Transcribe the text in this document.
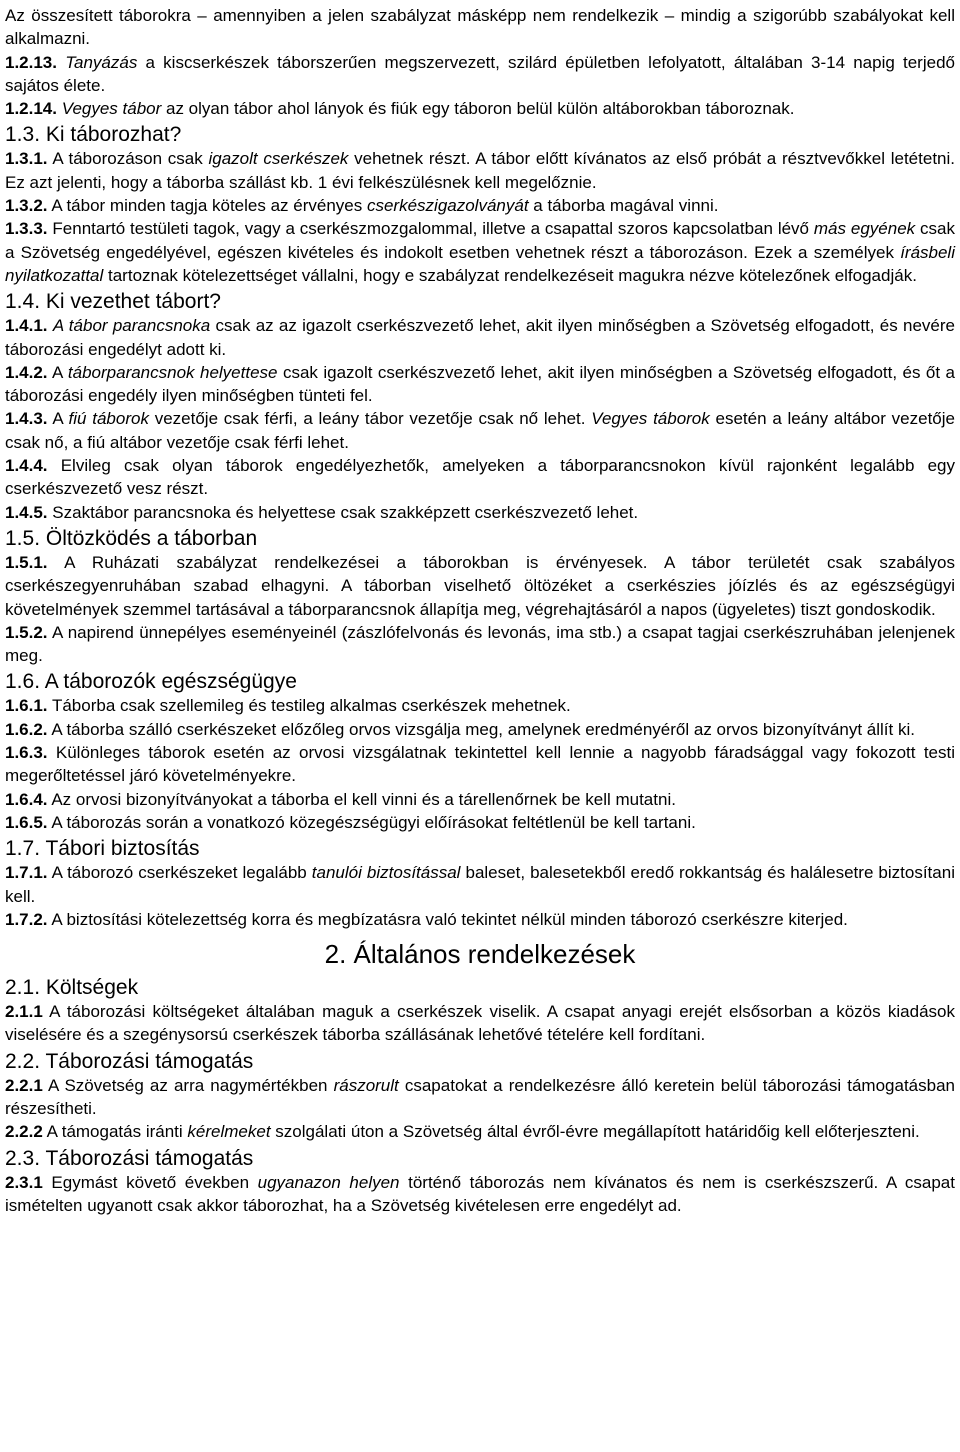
Az összesített táborokra – amennyiben a jelen szabályzat másképp nem rendelkezik – mindig a szigorúbb szabályokat kell alkalmazni.

1.2.13. Tanyázás a kiscserkészek táborszerűen megszervezett, szilárd épületben lefolyatott, általában 3-14 napig terjedő sajátos élete.

1.2.14. Vegyes tábor az olyan tábor ahol lányok és fiúk egy táboron belül külön altáborokban táboroznak.

1.3. Ki táborozhat?

1.3.1. A táborozáson csak igazolt cserkészek vehetnek részt. A tábor előtt kívánatos az első próbát a résztvevőkkel letétetni. Ez azt jelenti, hogy a táborba szállást kb. 1 évi felkészülésnek kell megelőznie.

1.3.2. A tábor minden tagja köteles az érvényes cserkészigazolványát a táborba magával vinni.

1.3.3. Fenntartó testületi tagok, vagy a cserkészmozgalommal, illetve a csapattal szoros kapcsolatban lévő más egyének csak a Szövetség engedélyével, egészen kivételes és indokolt esetben vehetnek részt a táborozáson. Ezek a személyek írásbeli nyilatkozattal tartoznak kötelezettséget vállalni, hogy e szabályzat rendelkezéseit magukra nézve kötelezőnek elfogadják.

1.4. Ki vezethet tábort?

1.4.1. A tábor parancsnoka csak az az igazolt cserkészvezető lehet, akit ilyen minőségben a Szövetség elfogadott, és nevére táborozási engedélyt adott ki.

1.4.2. A táborparancsnok helyettese csak igazolt cserkészvezető lehet, akit ilyen minőségben a Szövetség elfogadott, és őt a táborozási engedély ilyen minőségben tünteti fel.

1.4.3. A fiú táborok vezetője csak férfi, a leány tábor vezetője csak nő lehet. Vegyes táborok esetén a leány altábor vezetője csak nő, a fiú altábor vezetője csak férfi lehet.

1.4.4. Elvileg csak olyan táborok engedélyezhetők, amelyeken a táborparancsnokon kívül rajonként legalább egy cserkészvezető vesz részt.

1.4.5. Szaktábor parancsnoka és helyettese csak szakképzett cserkészvezető lehet.

1.5. Öltözködés a táborban

1.5.1. A Ruházati szabályzat rendelkezései a táborokban is érvényesek. A tábor területét csak szabályos cserkészegyenruhában szabad elhagyni. A táborban viselhető öltözéket a cserkészies jóízlés és az egészségügyi követelmények szemmel tartásával a táborparancsnok állapítja meg, végrehajtásáról a napos (ügyeletes) tiszt gondoskodik.

1.5.2. A napirend ünnepélyes eseményeinél (zászlófelvonás és levonás, ima stb.) a csapat tagjai cserkészruhában jelenjenek meg.

1.6. A táborozók egészségügye

1.6.1. Táborba csak szellemileg és testileg alkalmas cserkészek mehetnek.

1.6.2. A táborba szálló cserkészeket előzőleg orvos vizsgálja meg, amelynek eredményéről az orvos bizonyítványt állít ki.

1.6.3. Különleges táborok esetén az orvosi vizsgálatnak tekintettel kell lennie a nagyobb fáradsággal vagy fokozott testi megerőltetéssel járó követelményekre.

1.6.4. Az orvosi bizonyítványokat a táborba el kell vinni és a tárellenőrnek be kell mutatni.

1.6.5. A táborozás során a vonatkozó közegészségügyi előírásokat feltétlenül be kell tartani.

1.7. Tábori biztosítás

1.7.1. A táborozó cserkészeket legalább tanulói biztosítással baleset, balesetekből eredő rokkantság és halálesetre biztosítani kell.

1.7.2. A biztosítási kötelezettség korra és megbízatásra való tekintet nélkül minden táborozó cserkészre kiterjed.

2. Általános rendelkezések
2.1. Költségek

2.1.1 A táborozási költségeket általában maguk a cserkészek viselik. A csapat anyagi erejét elsősorban a közös kiadások viselésére és a szegénysorsú cserkészek táborba szállásának lehetővé tételére kell fordítani.

2.2. Táborozási támogatás

2.2.1 A Szövetség az arra nagymértékben rászorult csapatokat a rendelkezésre álló keretein belül táborozási támogatásban részesítheti.

2.2.2 A támogatás iránti kérelmeket szolgálati úton a Szövetség által évről-évre megállapított határidőig kell előterjeszteni.

2.3. Táborozási támogatás

2.3.1 Egymást követő években ugyanazon helyen történő táborozás nem kívánatos és nem is cserkészszerű. A csapat ismételten ugyanott csak akkor táborozhat, ha a Szövetség kivételesen erre engedélyt ad.
